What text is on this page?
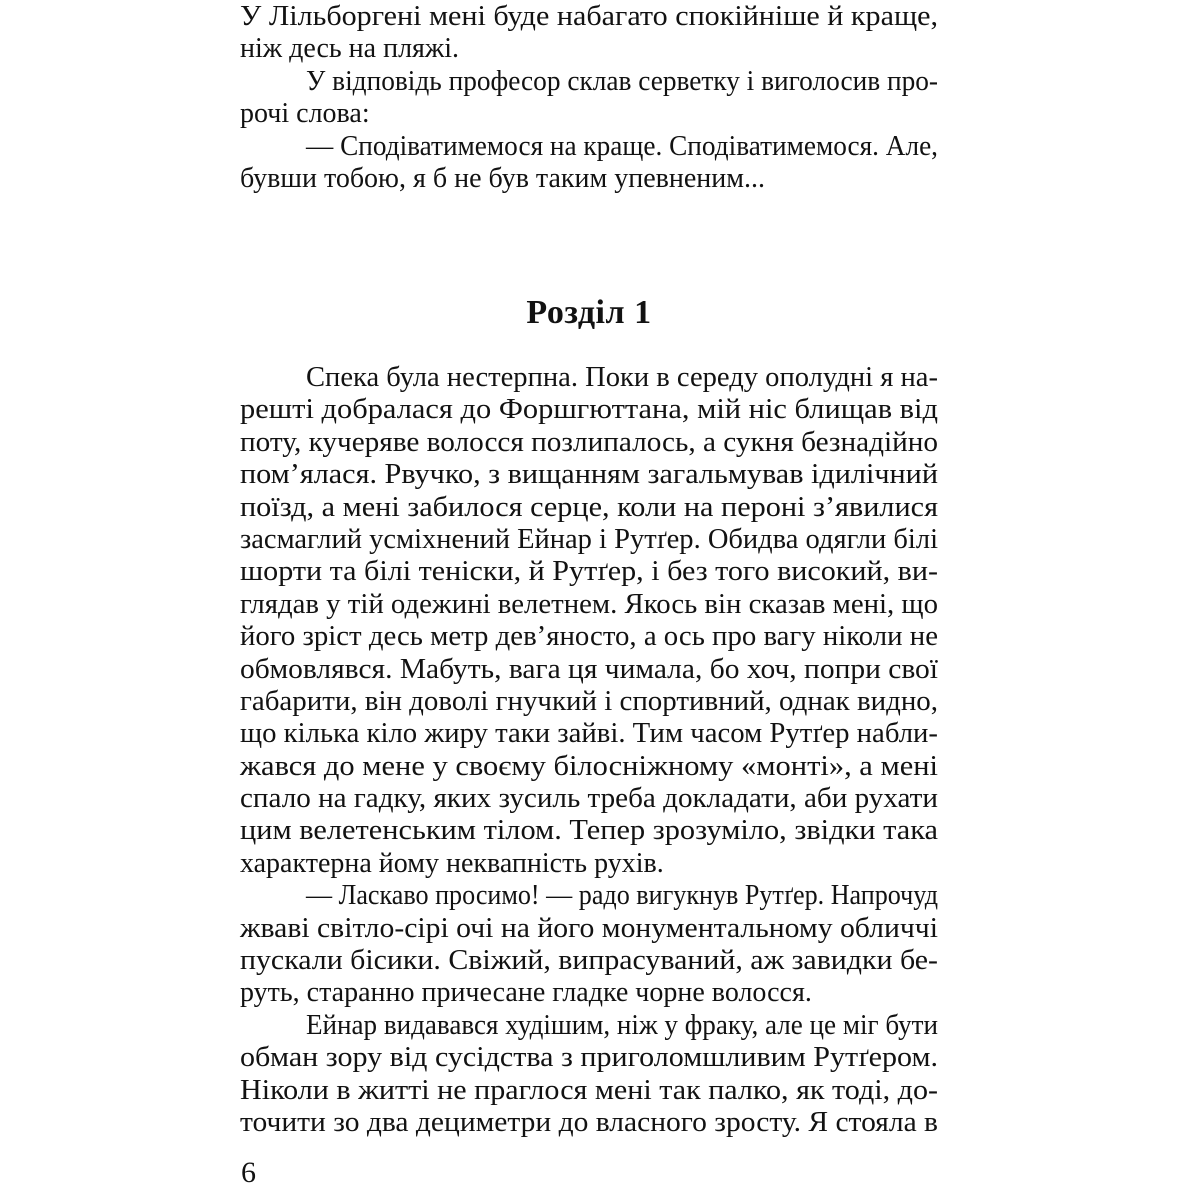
У Лільборгені мені буде набагато спокійніше й краще,
ніж десь на пляжі.
У відповідь професор склав серветку і виголосив про-
рочі слова:
— Сподіватимемося на краще. Сподіватимемося. Але,
бувши тобою, я б не був таким упевненим...
Розділ 1
Спека була нестерпна. Поки в середу ополудні я на-
решті добралася до Форшгюттана, мій ніс блищав від
поту, кучеряве волосся позлипалось, а сукня безнадійно
пом’ялася. Рвучко, з вищанням загальмував ідилічний
поїзд, а мені забилося серце, коли на пероні з’явилися
засмаглий усміхнений Ейнар і Рутґер. Обидва одягли білі
шорти та білі теніски, й Рутґер, і без того високий, ви-
глядав у тій одежині велетнем. Якось він сказав мені, що
його зріст десь метр дев’яносто, а ось про вагу ніколи не
обмовлявся. Мабуть, вага ця чимала, бо хоч, попри свої
габарити, він доволі гнучкий і спортивний, однак видно,
що кілька кіло жиру таки зайві. Тим часом Рутґер набли-
жався до мене у своєму білосніжному «монті», а мені
спало на гадку, яких зусиль треба докладати, аби рухати
цим велетенським тілом. Тепер зрозуміло, звідки така
характерна йому неквапність рухів.
— Ласкаво просимо! — радо вигукнув Рутґер. Напрочуд
жваві світло-сірі очі на його монументальному обличчі
пускали бісики. Свіжий, випрасуваний, аж завидки бе-
руть, старанно причесане гладке чорне волосся.
Ейнар видавався худішим, ніж у фраку, але це міг бути
обман зору від сусідства з приголомшливим Рутґером.
Ніколи в житті не праглося мені так палко, як тоді, до-
точити зо два дециметри до власного зросту. Я стояла в
6
